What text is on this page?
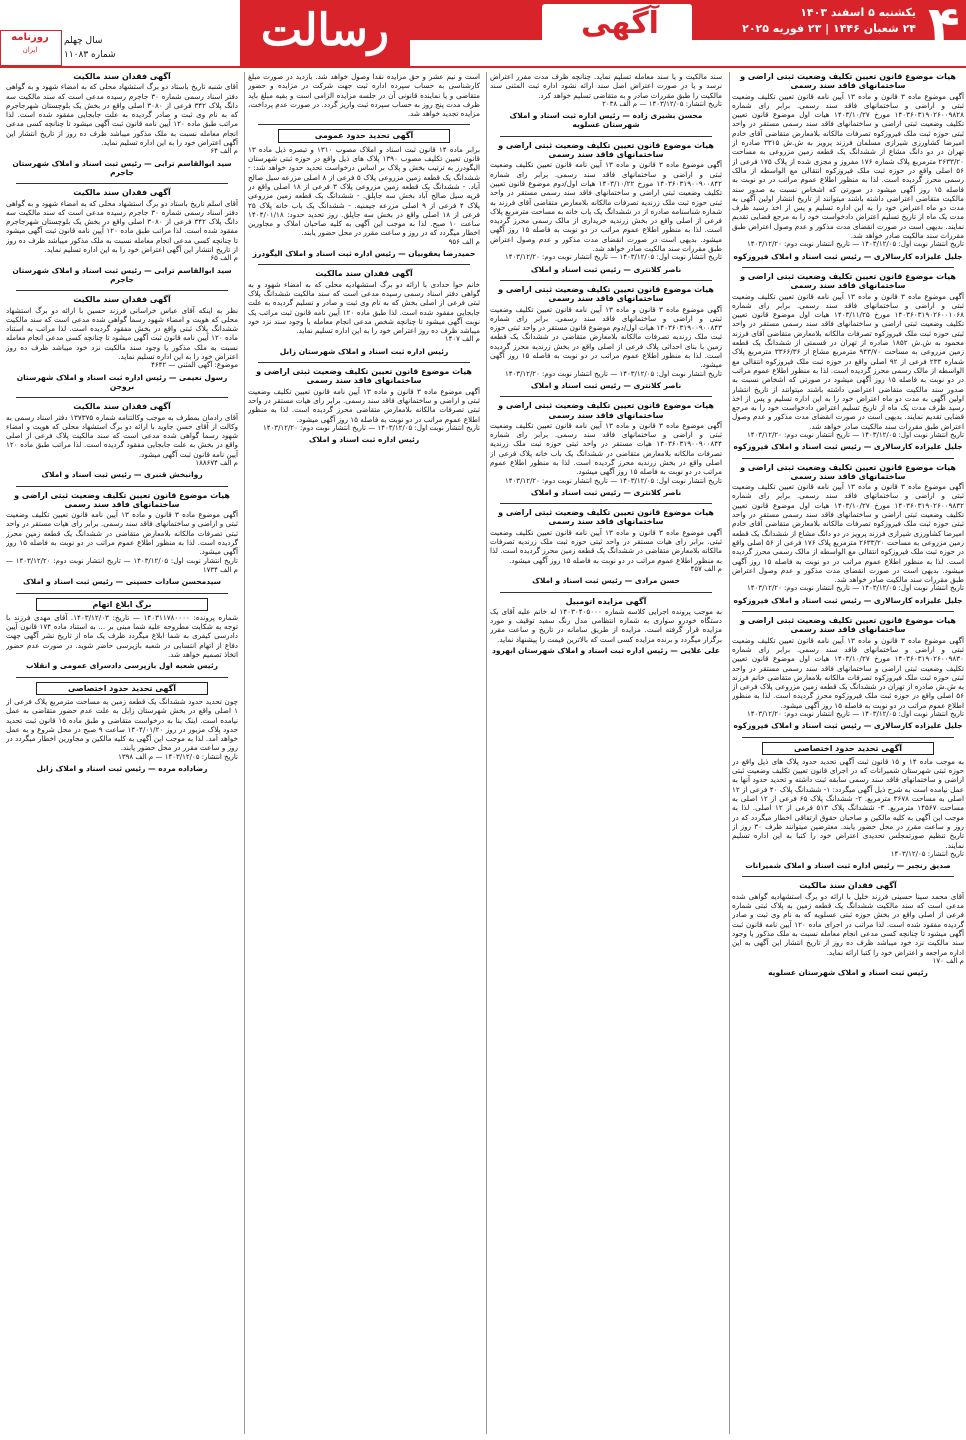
آگهی	۴
یکشنبه ۵ اسفند ۱۴۰۳
۲۴ شعبان ۱۴۴۶ | ۲۳ فوریه ۲۰۲۵
رسالت
روزنامه
ایران
سال چهلم
شماره ۱۱۰۸۳
هیات موضوع قانون تعیین تکلیف وضعیت ثبتی اراضی و ساختمانهای فاقد سند رسمی

آگهی موضوع ماده ۳ قانون و ماده ۱۳ آیین نامه قانون تعیین تکلیف وضعیت ثبتی و اراضی و ساختمانهای فاقد سند رسمی. برابر رای شماره ۱۴۰۳۶۰۳۱۹۰۲۶۰۰۹۸۲۸ مورخ ۱۴۰۳/۱۰/۲۷ هیات اول موضوع قانون تعیین تکلیف وضعیت ثبتی اراضی و ساختمانهای فاقد سند رسمی مستقر در واحد ثبتی حوزه ثبت ملک فیروزکوه تصرفات مالکانه بلامعارض متقاضی آقای خادم امیرضا کشاورزی شیرازی مسلمان فرزند پرویز به ش.ش ۳۳۱۵ صادره از تهران در دو دانگ مشاع از ششدانگ یک قطعه زمین مزروعی به مساحت ۲۶۳۳/۲۰ مترمربع پلاک شماره ۱۷۶ مفروز و مجزی شده از پلاک ۱۷۵ فرعی از ۵۶ اصلی واقع در حوزه ثبت ملک فیروزکوه انتقالی مع الواسطه از مالک رسمی محرز گردیده است. لذا به منظور اطلاع عموم مراتب در دو نوبت به فاصله ۱۵ روز آگهی میشود در صورتی که اشخاص نسبت به صدور سند مالکیت متقاضی اعتراضی داشته باشند میتوانند از تاریخ انتشار اولین آگهی به مدت دو ماه اعتراض خود را به این اداره تسلیم و پس از اخذ رسید ظرف مدت یک ماه از تاریخ تسلیم اعتراض دادخواست خود را به مرجع قضایی تقدیم نمایند. بدیهی است در صورت انقضای مدت مذکور و عدم وصول اعتراض طبق مقررات سند مالکیت صادر خواهد شد.

تاریخ انتشار نوبت اول: ۱۴۰۳/۱۲/۰۵ — تاریخ انتشار نوبت دوم: ۱۴۰۳/۱۲/۲۰
جلیل علیزاده کارسالاری — رئیس ثبت اسناد و املاک فیروزکوه
هیات موضوع قانون تعیین تکلیف وضعیت ثبتی اراضی و ساختمانهای فاقد سند رسمی

آگهی موضوع ماده ۳ قانون و ماده ۱۳ آیین نامه قانون تعیین تکلیف وضعیت ثبتی و اراضی و ساختمانهای فاقد سند رسمی. برابر رای شماره ۱۴۰۳۶۰۳۱۹۰۲۶۰۰۱۰۶۸ مورخ ۱۴۰۳/۱۱/۲۵ هیات اول موضوع قانون تعیین تکلیف وضعیت ثبتی اراضی و ساختمانهای فاقد سند رسمی مستقر در واحد ثبتی حوزه ثبت ملک فیروزکوه تصرفات مالکانه بلامعارض متقاضی آقای فرزند محمود به ش.ش ۱۸۵۲ صادره از تهران در قسمتی از ششدانگ یک قطعه زمین مزروعی به مساحت ۹۴۳/۷۰ مترمربع مشاع از ۳۳۶۶/۳۶ مترمربع پلاک شماره ۲۳۳ فرعی از ۹۲ اصلی واقع در حوزه ثبت ملک فیروزکوه انتقالی مع الواسطه از مالک رسمی محرز گردیده است. لذا به منظور اطلاع عموم مراتب در دو نوبت به فاصله ۱۵ روز آگهی میشود در صورتی که اشخاص نسبت به صدور سند مالکیت متقاضی اعتراضی داشته باشند میتوانند از تاریخ انتشار اولین آگهی به مدت دو ماه اعتراض خود را به این اداره تسلیم و پس از اخذ رسید ظرف مدت یک ماه از تاریخ تسلیم اعتراض دادخواست خود را به مرجع قضایی تقدیم نمایند. بدیهی است در صورت انقضای مدت مذکور و عدم وصول اعتراض طبق مقررات سند مالکیت صادر خواهد شد.

تاریخ انتشار نوبت اول: ۱۴۰۳/۱۲/۰۵ — تاریخ انتشار نوبت دوم: ۱۴۰۳/۱۲/۲۰
جلیل علیزاده کارسالاری — رئیس ثبت اسناد و املاک فیروزکوه
هیات موضوع قانون تعیین تکلیف وضعیت ثبتی اراضی و ساختمانهای فاقد سند رسمی

آگهی موضوع ماده ۳ قانون و ماده ۱۳ آیین نامه قانون تعیین تکلیف وضعیت ثبتی و اراضی و ساختمانهای فاقد سند رسمی. برابر رای شماره ۱۴۰۳۶۰۳۱۹۰۲۶۰۰۹۸۳۲ مورخ ۱۴۰۳/۱۰/۲۷ هیات اول موضوع قانون تعیین تکلیف وضعیت ثبتی اراضی و ساختمانهای فاقد سند رسمی مستقر در واحد ثبتی حوزه ثبت ملک فیروزکوه تصرفات مالکانه بلامعارض متقاضی آقای خادم امیرضا کشاورزی شیرازی فرزند پرویز در دو دانگ مشاع از ششدانگ یک قطعه زمین مزروعی به مساحت ۲۶۳۳/۲۰ مترمربع پلاک ۱۷۶ فرعی از ۵۶ اصلی واقع در حوزه ثبت ملک فیروزکوه انتقالی مع الواسطه از مالک رسمی محرز گردیده است. لذا به منظور اطلاع عموم مراتب در دو نوبت به فاصله ۱۵ روز آگهی میشود. بدیهی است در صورت انقضای مدت مذکور و عدم وصول اعتراض طبق مقررات سند مالکیت صادر خواهد شد.

تاریخ انتشار نوبت اول: ۱۴۰۳/۱۲/۰۵ — تاریخ انتشار نوبت دوم: ۱۴۰۳/۱۲/۲۰
جلیل علیزاده کارسالاری — رئیس ثبت اسناد و املاک فیروزکوه
هیات موضوع قانون تعیین تکلیف وضعیت ثبتی اراضی و ساختمانهای فاقد سند رسمی

آگهی موضوع ماده ۳ قانون و ماده ۱۳ آیین نامه قانون تعیین تکلیف وضعیت ثبتی و اراضی و ساختمانهای فاقد سند رسمی. برابر رای شماره ۱۴۰۳۶۰۳۱۹۰۲۶۰۰۹۸۳۰ مورخ ۱۴۰۳/۱۰/۲۷ هیات اول موضوع قانون تعیین تکلیف وضعیت ثبتی اراضی و ساختمانهای فاقد سند رسمی مستقر در واحد ثبتی حوزه ثبت ملک فیروزکوه تصرفات مالکانه بلامعارض متقاضی خانم فرزند به ش.ش صادره از تهران در ششدانگ یک قطعه زمین مزروعی پلاک فرعی از ۵۶ اصلی واقع در حوزه ثبت ملک فیروزکوه محرز گردیده است. لذا به منظور اطلاع عموم مراتب در دو نوبت به فاصله ۱۵ روز آگهی میشود.

تاریخ انتشار نوبت اول: ۱۴۰۳/۱۲/۰۵ — تاریخ انتشار نوبت دوم: ۱۴۰۳/۱۲/۲۰
جلیل علیزاده کارسالاری — رئیس ثبت اسناد و املاک فیروزکوه
آگهی تحدید حدود اختصاصی

به موجب ماده ۱۴ و ۱۵ قانون ثبت آگهی تحدید حدود پلاک های ذیل واقع در حوزه ثبتی شهرستان شمیرانات که در اجرای قانون تعیین تکلیف وضعیت ثبتی اراضی و ساختمانهای فاقد سند رسمی سابقه ثبت داشته و تحدید حدود آنها به عمل نیامده است به شرح ذیل آگهی میگردد: ۱- ششدانگ پلاک ۴۰ فرعی از ۱۲ اصلی به مساحت ۳۶۷۸ مترمربع. ۲- ششدانگ پلاک ۶۵ فرعی از ۱۲ اصلی به مساحت ۱۴۵۶۷ مترمربع. ۳- ششدانگ پلاک ۵۱۳ فرعی از ۱۲ اصلی. لذا به موجب این آگهی به کلیه مالکین و صاحبان حقوق ارتفاقی اخطار میگردد که در روز و ساعت مقرر در محل حضور یابند. معترضین میتوانند ظرف ۳۰ روز از تاریخ تنظیم صورتمجلس تحدیدی اعتراض خود را کتبا به این اداره تسلیم نمایند.

تاریخ انتشار: ۱۴۰۳/۱۲/۰۵
صدیق رنجبر — رئیس اداره ثبت اسناد و املاک شمیرانات
آگهی فقدان سند مالکیت

آقای محمد سینا حسینی فرزند خلیل با ارائه دو برگ استشهادیه گواهی شده مدعی است که سند مالکیت ششدانگ یک قطعه زمین به پلاک ثبتی شماره فرعی از اصلی واقع در بخش حوزه ثبتی عسلویه که به نام وی ثبت و صادر گردیده مفقود شده است. لذا مراتب در اجرای ماده ۱۲۰ آیین نامه قانون ثبت آگهی میشود تا چنانچه کسی مدعی انجام معامله نسبت به ملک مذکور یا وجود سند مالکیت نزد خود میباشد ظرف ده روز از تاریخ انتشار این آگهی به این اداره مراجعه و اعتراض خود را کتبا ارائه نماید.

م الف ۱۷۰
رئیس ثبت اسناد و املاک شهرستان عسلویه

سند مالکیت و یا سند معامله تسلیم نماید. چنانچه ظرف مدت مقرر اعتراض نرسد و یا در صورت اعتراض اصل سند ارائه نشود اداره ثبت المثنی سند مالکیت را طبق مقررات صادر و به متقاضی تسلیم خواهد کرد.

تاریخ انتشار: ۱۴۰۳/۱۲/۰۵ — م الف ۲۰۳۸
محسن بشیری زاده — رئیس اداره ثبت اسناد و املاک شهرستان عسلویه
هیات موضوع قانون تعیین تکلیف وضعیت ثبتی اراضی و ساختمانهای فاقد سند رسمی

آگهی موضوع ماده ۳ قانون و ماده ۱۳ آیین نامه قانون تعیین تکلیف وضعیت ثبتی و اراضی و ساختمانهای فاقد سند رسمی. برابر رای شماره ۱۴۰۳۶۰۳۱۹۰۰۹۰۰۸۴۲ مورخ ۱۴۰۳/۱۰/۲۲ هیات اول/دوم موضوع قانون تعیین تکلیف وضعیت ثبتی اراضی و ساختمانهای فاقد سند رسمی مستقر در واحد ثبتی حوزه ثبت ملک زرندیه تصرفات مالکانه بلامعارض متقاضی آقای فرزند به شماره شناسنامه صادره از در ششدانگ یک باب خانه به مساحت مترمربع پلاک فرعی از اصلی واقع در بخش زرندیه خریداری از مالک رسمی محرز گردیده است. لذا به منظور اطلاع عموم مراتب در دو نوبت به فاصله ۱۵ روز آگهی میشود. بدیهی است در صورت انقضای مدت مذکور و عدم وصول اعتراض طبق مقررات سند مالکیت صادر خواهد شد.

تاریخ انتشار نوبت اول: ۱۴۰۳/۱۲/۰۵ — تاریخ انتشار نوبت دوم: ۱۴۰۳/۱۲/۲۰
ناصر کلانتری — رئیس ثبت اسناد و املاک
هیات موضوع قانون تعیین تکلیف وضعیت ثبتی اراضی و ساختمانهای فاقد سند رسمی

آگهی موضوع ماده ۳ قانون و ماده ۱۳ آیین نامه قانون تعیین تکلیف وضعیت ثبتی و اراضی و ساختمانهای فاقد سند رسمی. برابر رای شماره ۱۴۰۳۶۰۳۱۹۰۰۹۰۰۸۴۳ هیات اول/دوم موضوع قانون مستقر در واحد ثبتی حوزه ثبت ملک زرندیه تصرفات مالکانه بلامعارض متقاضی در ششدانگ یک قطعه زمین با بنای احداثی پلاک فرعی از اصلی واقع در بخش زرندیه محرز گردیده است. لذا به منظور اطلاع عموم مراتب در دو نوبت به فاصله ۱۵ روز آگهی میشود.

تاریخ انتشار نوبت اول: ۱۴۰۳/۱۲/۰۵ — تاریخ انتشار نوبت دوم: ۱۴۰۳/۱۲/۲۰
ناصر کلانتری — رئیس ثبت اسناد و املاک
هیات موضوع قانون تعیین تکلیف وضعیت ثبتی اراضی و ساختمانهای فاقد سند رسمی

آگهی موضوع ماده ۳ قانون و ماده ۱۳ آیین نامه قانون تعیین تکلیف وضعیت ثبتی و اراضی و ساختمانهای فاقد سند رسمی. برابر رای شماره ۱۴۰۳۶۰۳۱۹۰۰۹۰۰۸۴۴ هیات مستقر در واحد ثبتی حوزه ثبت ملک زرندیه تصرفات مالکانه بلامعارض متقاضی در ششدانگ یک باب خانه پلاک فرعی از اصلی واقع در بخش زرندیه محرز گردیده است. لذا به منظور اطلاع عموم مراتب در دو نوبت به فاصله ۱۵ روز آگهی میشود.

تاریخ انتشار نوبت اول: ۱۴۰۳/۱۲/۰۵ — تاریخ انتشار نوبت دوم: ۱۴۰۳/۱۲/۲۰
ناصر کلانتری — رئیس ثبت اسناد و املاک
هیات موضوع قانون تعیین تکلیف وضعیت ثبتی اراضی و ساختمانهای فاقد سند رسمی

آگهی موضوع ماده ۳ قانون و ماده ۱۳ آیین نامه قانون تعیین تکلیف وضعیت ثبتی. برابر رای هیات مستقر در واحد ثبتی حوزه ثبت ملک زرندیه تصرفات مالکانه بلامعارض متقاضی در ششدانگ یک قطعه زمین محرز گردیده است. لذا به منظور اطلاع عموم مراتب در دو نوبت به فاصله ۱۵ روز آگهی میشود.

م الف ۴۵۷
حسن مرادی — رئیس ثبت اسناد و املاک
آگهی مزایده اتومبیل

به موجب پرونده اجرایی کلاسه شماره ۱۴۰۳۰۴۰۵۰۰۰ له خانم علیه آقای یک دستگاه خودرو سواری به شماره انتظامی مدل رنگ سفید توقیف و مورد مزایده قرار گرفته است. مزایده از طریق سامانه در تاریخ و ساعت مقرر برگزار میگردد و برنده مزایده کسی است که بالاترین قیمت را پیشنهاد نماید.

علی علایی — رئیس اداره ثبت اسناد و املاک شهرستان ابهرود

است و نیم عشر و حق مزایده نقدا وصول خواهد شد. بازدید در صورت مبلغ کارشناسی به حساب سپرده اداره ثبت جهت شرکت در مزایده و حضور متقاضی و یا نماینده قانونی آن در جلسه مزایده الزامی است و بقیه مبلغ باید ظرف مدت پنج روز به حساب سپرده ثبت واریز گردد. در صورت عدم پرداخت، مزایده تجدید خواهد شد.

آگهی تحدید حدود عمومی

برابر ماده ۱۴ قانون ثبت اسناد و املاک مصوب ۱۳۱۰ و تبصره ذیل ماده ۱۳ قانون تعیین تکلیف مصوب ۱۳۹۰ پلاک های ذیل واقع در حوزه ثبتی شهرستان الیگودرز به ترتیب بخش و پلاک بر اساس درخواست تحدید حدود خواهد شد: - ششدانگ یک قطعه زمین مزروعی پلاک ۵ فرعی از ۸ اصلی مزرعه سیل صالح آباد. - ششدانگ یک قطعه زمین مزروعی پلاک ۳ فرعی از ۱۸ اصلی واقع در قریه سیل صالح آباد بخش سه جاپلق. - ششدانگ یک قطعه زمین مزروعی پلاک ۴ فرعی از ۹ اصلی مزرعه جیمنیه. - ششدانگ یک باب خانه پلاک ۲۵ فرعی از ۱۸ اصلی واقع در بخش سه جاپلق. روز تحدید حدود: ۱۴۰۴/۰۱/۱۸ ساعت ۱۰ صبح. لذا به موجب این آگهی به کلیه صاحبان املاک و مجاورین اخطار میگردد که در روز و ساعت مقرر در محل حضور یابند.

م الف ۹۵۶
حمیدرضا یعقوبیان — رئیس اداره ثبت اسناد و املاک الیگودرز
آگهی فقدان سند مالکیت

خانم حوا حدادی با ارائه دو برگ استشهادیه محلی که به امضاء شهود و به گواهی دفتر اسناد رسمی رسیده مدعی است که سند مالکیت ششدانگ پلاک ثبتی فرعی از اصلی بخش که به نام وی ثبت و صادر و تسلیم گردیده به علت جابجایی مفقود شده است. لذا طبق ماده ۱۲۰ آیین نامه قانون ثبت مراتب یک نوبت آگهی میشود تا چنانچه شخص مدعی انجام معامله یا وجود سند نزد خود میباشد ظرف ده روز اعتراض خود را به این اداره تسلیم نماید.

م الف ۱۴۰۷
رئیس اداره ثبت اسناد و املاک شهرستان زابل
هیات موضوع قانون تعیین تکلیف وضعیت ثبتی اراضی و ساختمانهای فاقد سند رسمی

آگهی موضوع ماده ۳ قانون و ماده ۱۳ آیین نامه قانون تعیین تکلیف وضعیت ثبتی و اراضی و ساختمانهای فاقد سند رسمی. برابر رای هیات مستقر در واحد ثبتی تصرفات مالکانه بلامعارض متقاضی محرز گردیده است. لذا به منظور اطلاع عموم مراتب در دو نوبت به فاصله ۱۵ روز آگهی میشود.

تاریخ انتشار نوبت اول: ۱۴۰۳/۱۲/۰۵ — تاریخ انتشار نوبت دوم: ۱۴۰۳/۱۲/۲۰
رئیس اداره ثبت اسناد و املاک
آگهی فقدان سند مالکیت

آقای شنبه تاریخ باستاد دو برگ استشهاد محلی که به امضاء شهود و به گواهی دفتر اسناد رسمی شماره ۳۰ جاجرم رسیده مدعی است که سند مالکیت سه دانگ پلاک ۳۴۲ فرعی از ۳۰۸۰ اصلی واقع در بخش یک بلوچستان شهرجاجرم که به نام وی ثبت و صادر گردیده به علت جابجایی مفقود شده است. لذا مراتب طبق ماده ۱۲۰ آیین نامه قانون ثبت آگهی میشود تا چنانچه کسی مدعی انجام معامله نسبت به ملک مذکور میباشد ظرف ده روز از تاریخ انتشار این آگهی اعتراض خود را به این اداره تسلیم نماید.

م الف ۶۴
سید ابوالقاسم ترابی — رئیس ثبت اسناد و املاک شهرستان جاجرم
آگهی فقدان سند مالکیت

آقای اسلم تاریخ باستاد دو برگ استشهاد محلی که به امضاء شهود و به گواهی دفتر اسناد رسمی شماره ۳۰ جاجرم رسیده مدعی است که سند مالکیت سه دانگ پلاک ۳۴۲ فرعی از ۳۰۸۰ اصلی واقع در بخش یک بلوچستان شهرجاجرم مفقود شده است. لذا مراتب طبق ماده ۱۲۰ آیین نامه قانون ثبت آگهی میشود تا چنانچه کسی مدعی انجام معامله نسبت به ملک مذکور میباشد ظرف ده روز از تاریخ انتشار این آگهی اعتراض خود را به این اداره تسلیم نماید.

م الف ۶۵
سید ابوالقاسم ترابی — رئیس ثبت اسناد و املاک شهرستان جاجرم
آگهی فقدان سند مالکیت

نظر به اینکه آقای عباس خراسانی فرزند حسین با ارائه دو برگ استشهاد محلی که هویت و امضاء شهود رسما گواهی شده مدعی است که سند مالکیت ششدانگ پلاک ثبتی واقع در بخش مفقود گردیده است. لذا مراتب به استناد ماده ۱۲۰ آیین نامه قانون ثبت آگهی میشود تا چنانچه کسی مدعی انجام معامله نسبت به ملک مذکور یا وجود سند مالکیت نزد خود میباشد ظرف ده روز اعتراض خود را به این اداره تسلیم نماید.

موضوع: آگهی المثنی — ۴۶۴۲
رسول نعیمی — رئیس اداره ثبت اسناد و املاک شهرستان بروجن
آگهی فقدان سند مالکیت

آقای رادمان بمطرف به موجب وکالتنامه شماره ۱۳۷۳۷۵ دفتر اسناد رسمی به وکالت از آقای حسن جاوید با ارائه دو برگ استشهاد محلی که هویت و امضاء شهود رسما گواهی شده مدعی است که سند مالکیت پلاک فرعی از اصلی واقع در بخش به علت جابجایی مفقود گردیده است. لذا مراتب طبق ماده ۱۲۰ آیین نامه قانون ثبت آگهی میشود.

م الف ۱۸۸۶۷۴
روانبخش قنبری — رئیس ثبت اسناد و املاک
هیات موضوع قانون تعیین تکلیف وضعیت ثبتی اراضی و ساختمانهای فاقد سند رسمی

آگهی موضوع ماده ۳ قانون و ماده ۱۳ آیین نامه قانون تعیین تکلیف وضعیت ثبتی و اراضی و ساختمانهای فاقد سند رسمی. برابر رای هیات مستقر در واحد ثبتی تصرفات مالکانه بلامعارض متقاضی در ششدانگ یک قطعه زمین محرز گردیده است. لذا به منظور اطلاع عموم مراتب در دو نوبت به فاصله ۱۵ روز آگهی میشود.

تاریخ انتشار نوبت اول: ۱۴۰۳/۱۲/۰۵ — تاریخ انتشار نوبت دوم: ۱۴۰۳/۱۲/۲۰ — م الف ۱۷۳۴
سیدمحسن سادات حسینی — رئیس ثبت اسناد و املاک
برگ ابلاغ اتهام

شماره پرونده: ۱۴۰۳۱۱۷۸۰۰۰۰ — تاریخ: ۱۴۰۳/۱۲/۰۳. آقای مهدی فرزند با توجه به شکایت مطروحه علیه شما مبنی بر ... به استناد ماده ۱۷۴ قانون آیین دادرسی کیفری به شما ابلاغ میگردد ظرف یک ماه از تاریخ نشر آگهی جهت دفاع از اتهام انتسابی در شعبه بازپرسی حاضر شوید. در صورت عدم حضور اتخاذ تصمیم خواهد شد.

رئیس شعبه اول بازپرسی دادسرای عمومی و انقلاب
آگهی تحدید حدود اختصاصی

چون تحدید حدود ششدانگ یک قطعه زمین به مساحت مترمربع پلاک فرعی از ۱ اصلی واقع در بخش شهرستان زابل به علت عدم حضور متقاضی به عمل نیامده است. اینک بنا به درخواست متقاضی و طبق ماده ۱۵ قانون ثبت تحدید حدود پلاک مزبور در روز ۱۴۰۴/۰۱/۲۰ ساعت ۹ صبح در محل شروع و به عمل خواهد آمد. لذا به موجب این آگهی به کلیه مالکین و مجاورین اخطار میگردد در روز و ساعت مقرر در محل حضور یابند.

تاریخ انتشار: ۱۴۰۳/۱۲/۰۵ — م الف ۱۳۹۸
رضاداده مرده — رئیس ثبت اسناد و املاک زابل
